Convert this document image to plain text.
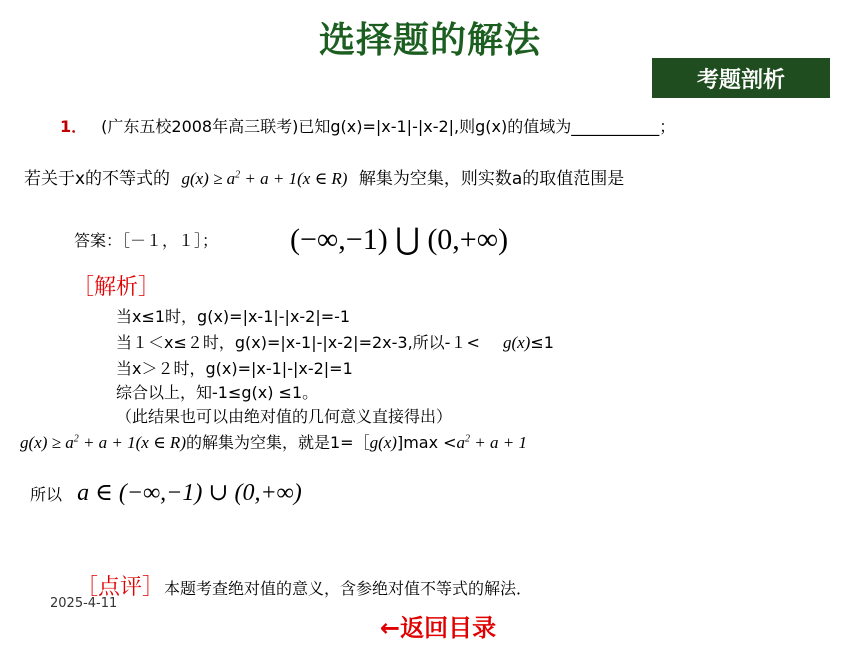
选择题的解法
考题剖析
1． (广东五校2008年高三联考)已知g(x)=|x-1|-|x-2|,则g(x)的值域为___________；
若关于x的不等式的 $g(x) \ge a^2 + a + 1(x$ ∈ R) 解集为空集，则实数a的取值范围是
答案：［－１，１］； (−∞,−1) ⋃ (0,+∞)
［解析］
当x≤1时，g(x)=|x-1|-|x-2|=-1
当１＜x≤２时，g(x)=|x-1|-|x-2|=2x-3,所以-１< g(x)≤1
当x＞２时，g(x)=|x-1|-|x-2|=1
综合以上，知-1≤g(x) ≤1。
（此结果也可以由绝对值的几何意义直接得出）
$g(x) \ge a^2 + a + 1(x$ ∈ R)的解集为空集，就是1=［g(x)]max $<a^2 + a + 1$
所以 a ∈ (−∞,−1) ∪ (0,+∞)
［点评］本题考查绝对值的意义，含参绝对值不等式的解法．
2025-4-11
←返回目录
